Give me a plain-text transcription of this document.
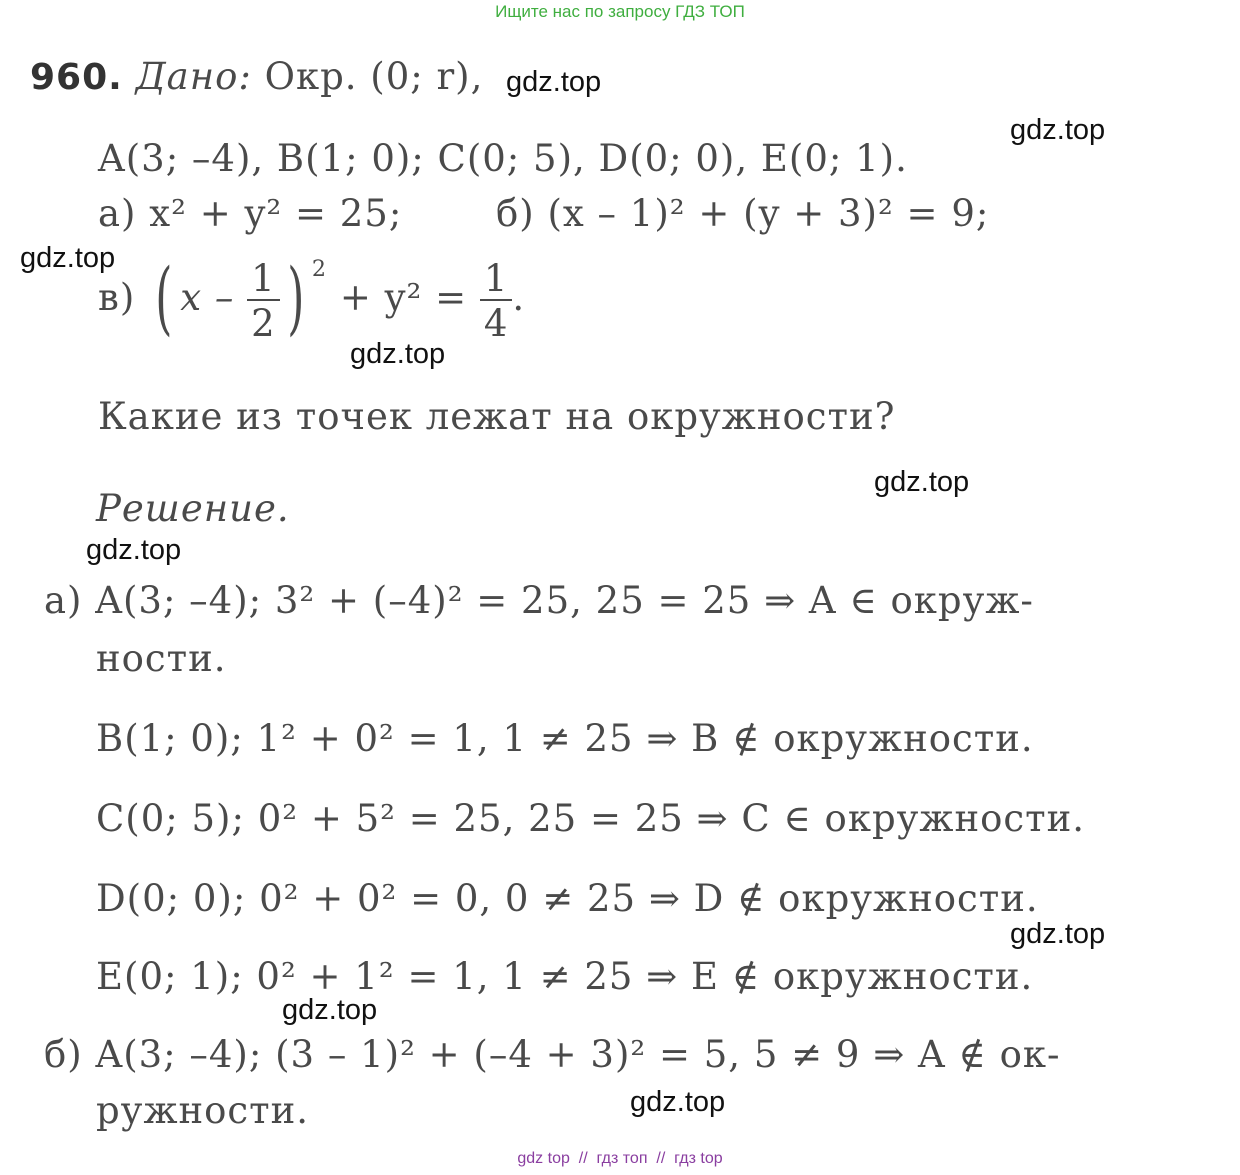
Ищите нас по запросу ГДЗ ТОП
960. Дано: Окр. (0; r),
A(3; –4), B(1; 0); C(0; 5), D(0; 0), E(0; 1).
а) x² + y² = 25;	б) (x – 1)² + (y + 3)² = 9;
в) ( x – $\frac{1}{2}$ ) $^2 + y^2 = \frac{1}{4}$ .
Какие из точек лежат на окружности?
Решение.
а) A(3; –4); 3² + (–4)² = 25, 25 = 25 ⇒ A ∈ окруж-
ности.
B(1; 0); 1² + 0² = 1, 1 ≠ 25 ⇒ B ∉ окружности.
C(0; 5); 0² + 5² = 25, 25 = 25 ⇒ C ∈ окружности.
D(0; 0); 0² + 0² = 0, 0 ≠ 25 ⇒ D ∉ окружности.
E(0; 1); 0² + 1² = 1, 1 ≠ 25 ⇒ E ∉ окружности.
б) A(3; –4); (3 – 1)² + (–4 + 3)² = 5, 5 ≠ 9 ⇒ A ∉ ок-
ружности.
gdz.top
gdz.top
gdz.top
gdz.top
gdz.top
gdz.top
gdz.top
gdz.top
gdz.top
gdz top  //  гдз топ  //  гдз top
